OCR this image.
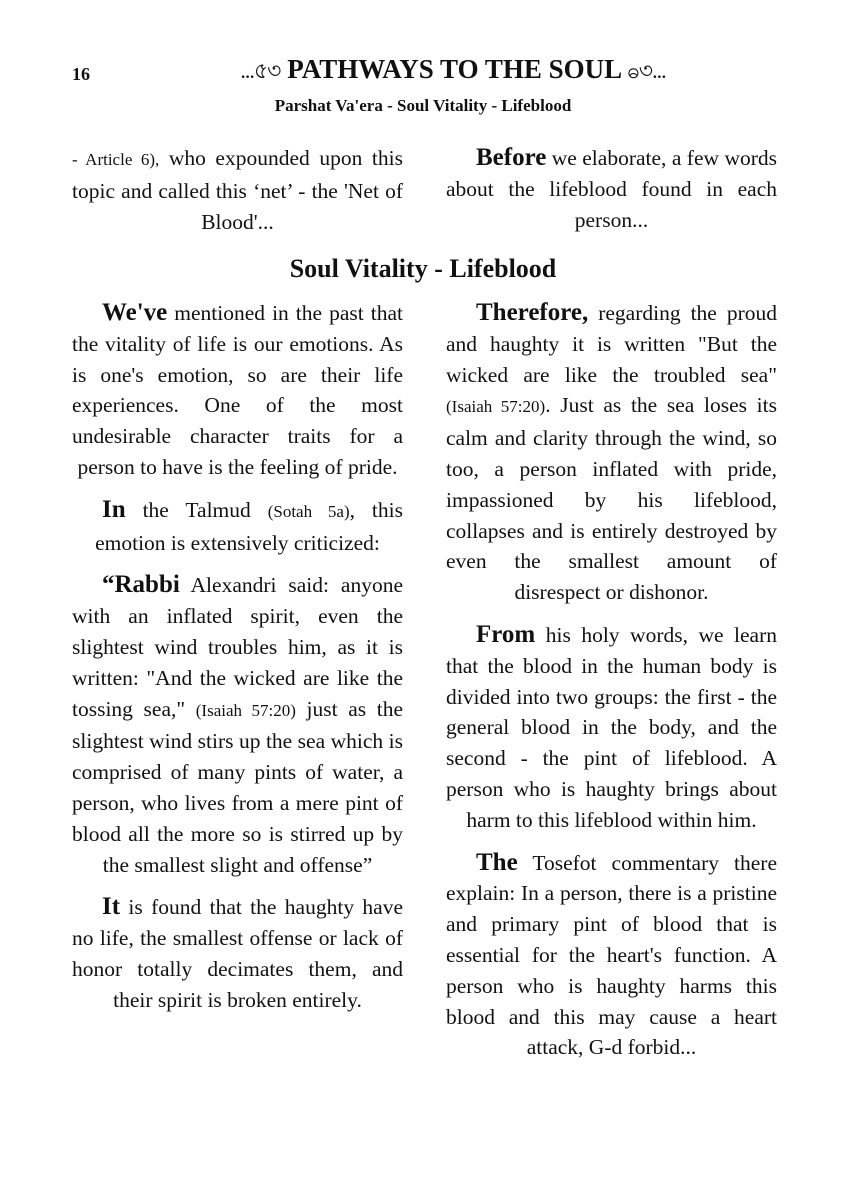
16	...৫৩ PATHWAYS TO THE SOUL ဓ৩...
Parshat Va'era - Soul Vitality - Lifeblood

- Article 6), who expounded upon this topic and called this ‘net’ - the 'Net of Blood'...

Before we elaborate, a few words about the lifeblood found in each person...

Soul Vitality - Lifeblood

We've mentioned in the past that the vitality of life is our emotions. As is one's emotion, so are their life experiences. One of the most undesirable character traits for a person to have is the feeling of pride.

In the Talmud (Sotah 5a), this emotion is extensively criticized:

“Rabbi Alexandri said: anyone with an inflated spirit, even the slightest wind troubles him, as it is written: "And the wicked are like the tossing sea," (Isaiah 57:20) just as the slightest wind stirs up the sea which is comprised of many pints of water, a person, who lives from a mere pint of blood all the more so is stirred up by the smallest slight and offense”

It is found that the haughty have no life, the smallest offense or lack of honor totally decimates them, and their spirit is broken entirely.

Therefore, regarding the proud and haughty it is written "But the wicked are like the troubled sea" (Isaiah 57:20). Just as the sea loses its calm and clarity through the wind, so too, a person inflated with pride, impassioned by his lifeblood, collapses and is entirely destroyed by even the smallest amount of disrespect or dishonor.

From his holy words, we learn that the blood in the human body is divided into two groups: the first - the general blood in the body, and the second - the pint of lifeblood. A person who is haughty brings about harm to this lifeblood within him.

The Tosefot commentary there explain: In a person, there is a pristine and primary pint of blood that is essential for the heart's function. A person who is haughty harms this blood and this may cause a heart attack, G-d forbid...
